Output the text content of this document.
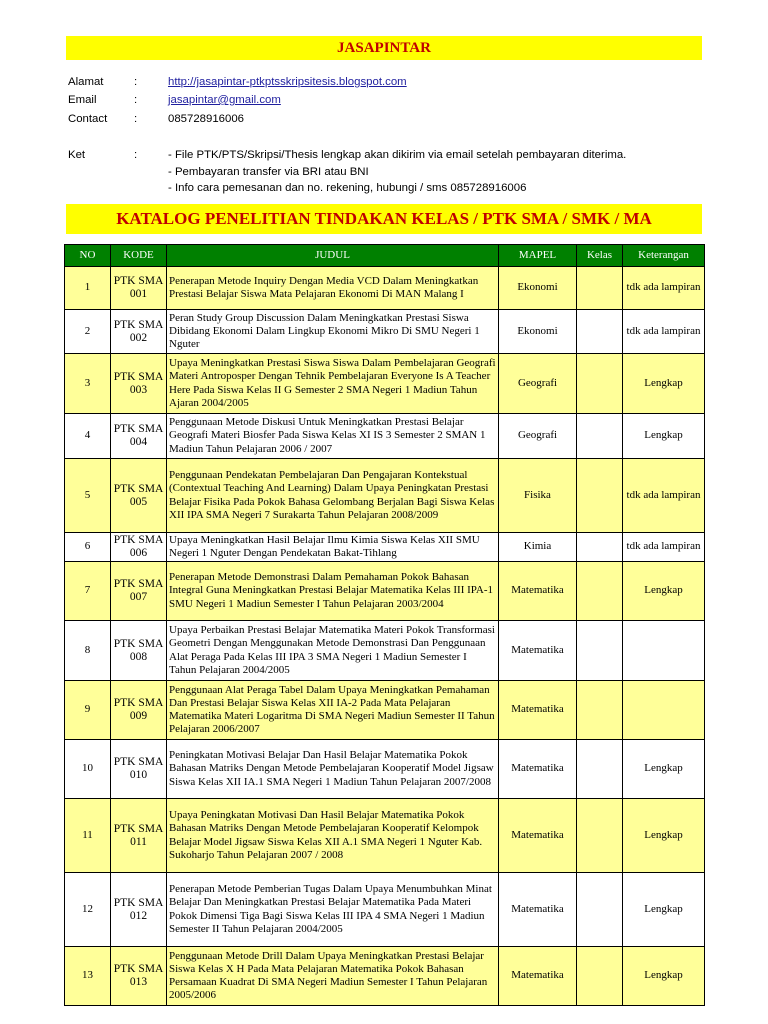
JASAPINTAR
Alamat	:	http://jasapintar-ptkptsskripsitesis.blogspot.com
Email	:	jasapintar@gmail.com
Contact :	085728916006
Ket	:	- File PTK/PTS/Skripsi/Thesis lengkap akan dikirim via email setelah pembayaran diterima.
- Pembayaran transfer via BRI atau BNI
- Info cara pemesanan dan no. rekening, hubungi / sms 085728916006
KATALOG PENELITIAN TINDAKAN KELAS / PTK SMA / SMK / MA
NO	KODE	JUDUL	MAPEL	Kelas	Keterangan
1	PTK SMA 001	Penerapan Metode Inquiry Dengan Media VCD Dalam Meningkatkan Prestasi Belajar Siswa Mata Pelajaran Ekonomi Di MAN Malang I	Ekonomi		tdk ada lampiran
2	PTK SMA 002	Peran Study Group Discussion Dalam Meningkatkan Prestasi Siswa Dibidang Ekonomi Dalam Lingkup Ekonomi Mikro Di SMU Negeri 1 Nguter	Ekonomi		tdk ada lampiran
3	PTK SMA 003	Upaya Meningkatkan Prestasi Siswa Siswa Dalam Pembelajaran Geografi Materi Antroposper Dengan Tehnik Pembelajaran Everyone Is A Teacher Here Pada Siswa Kelas II G Semester 2 SMA Negeri 1 Madiun Tahun Ajaran 2004/2005	Geografi		Lengkap
4	PTK SMA 004	Penggunaan Metode Diskusi Untuk Meningkatkan Prestasi Belajar Geografi Materi Biosfer Pada Siswa Kelas XI IS 3 Semester 2 SMAN 1 Madiun Tahun Pelajaran 2006 / 2007	Geografi		Lengkap
5	PTK SMA 005	Penggunaan Pendekatan Pembelajaran Dan Pengajaran Kontekstual (Contextual Teaching And Learning) Dalam Upaya Peningkatan Prestasi Belajar Fisika Pada Pokok Bahasa Gelombang Berjalan Bagi Siswa Kelas XII IPA SMA Negeri 7 Surakarta Tahun Pelajaran 2008/2009	Fisika		tdk ada lampiran
6	PTK SMA 006	Upaya Meningkatkan Hasil Belajar Ilmu Kimia Siswa Kelas XII SMU Negeri 1 Nguter Dengan Pendekatan Bakat-Tihlang	Kimia		tdk ada lampiran
7	PTK SMA 007	Penerapan Metode Demonstrasi Dalam Pemahaman Pokok Bahasan Integral Guna Meningkatkan Prestasi Belajar Matematika Kelas III IPA-1 SMU Negeri 1 Madiun Semester I Tahun Pelajaran 2003/2004	Matematika		Lengkap
8	PTK SMA 008	Upaya Perbaikan Prestasi Belajar Matematika Materi Pokok Transformasi Geometri Dengan Menggunakan Metode Demonstrasi Dan Penggunaan Alat Peraga Pada Kelas III IPA 3 SMA Negeri 1 Madiun Semester I Tahun Pelajaran 2004/2005	Matematika		
9	PTK SMA 009	Penggunaan Alat Peraga Tabel Dalam Upaya Meningkatkan Pemahaman Dan Prestasi Belajar Siswa Kelas XII IA-2 Pada Mata Pelajaran Matematika Materi Logaritma Di SMA Negeri Madiun Semester II Tahun Pelajaran 2006/2007	Matematika		
10	PTK SMA 010	Peningkatan Motivasi Belajar Dan Hasil Belajar Matematika Pokok Bahasan Matriks Dengan Metode Pembelajaran Kooperatif Model Jigsaw Siswa Kelas XII IA.1 SMA Negeri 1 Madiun Tahun Pelajaran 2007/2008	Matematika		Lengkap
11	PTK SMA 011	Upaya Peningkatan Motivasi Dan Hasil Belajar Matematika Pokok Bahasan Matriks Dengan Metode Pembelajaran Kooperatif Kelompok Belajar Model Jigsaw Siswa Kelas XII A.1 SMA Negeri 1 Nguter Kab. Sukoharjo Tahun Pelajaran 2007 / 2008	Matematika		Lengkap
12	PTK SMA 012	Penerapan Metode Pemberian Tugas Dalam Upaya Menumbuhkan Minat Belajar Dan Meningkatkan Prestasi Belajar Matematika Pada Materi Pokok Dimensi Tiga Bagi Siswa Kelas III IPA 4 SMA Negeri 1 Madiun Semester II Tahun Pelajaran 2004/2005	Matematika		Lengkap
13	PTK SMA 013	Penggunaan Metode Drill Dalam Upaya Meningkatkan Prestasi Belajar Siswa Kelas X H Pada Mata Pelajaran Matematika Pokok Bahasan Persamaan Kuadrat Di SMA Negeri Madiun Semester I Tahun Pelajaran 2005/2006	Matematika		Lengkap
